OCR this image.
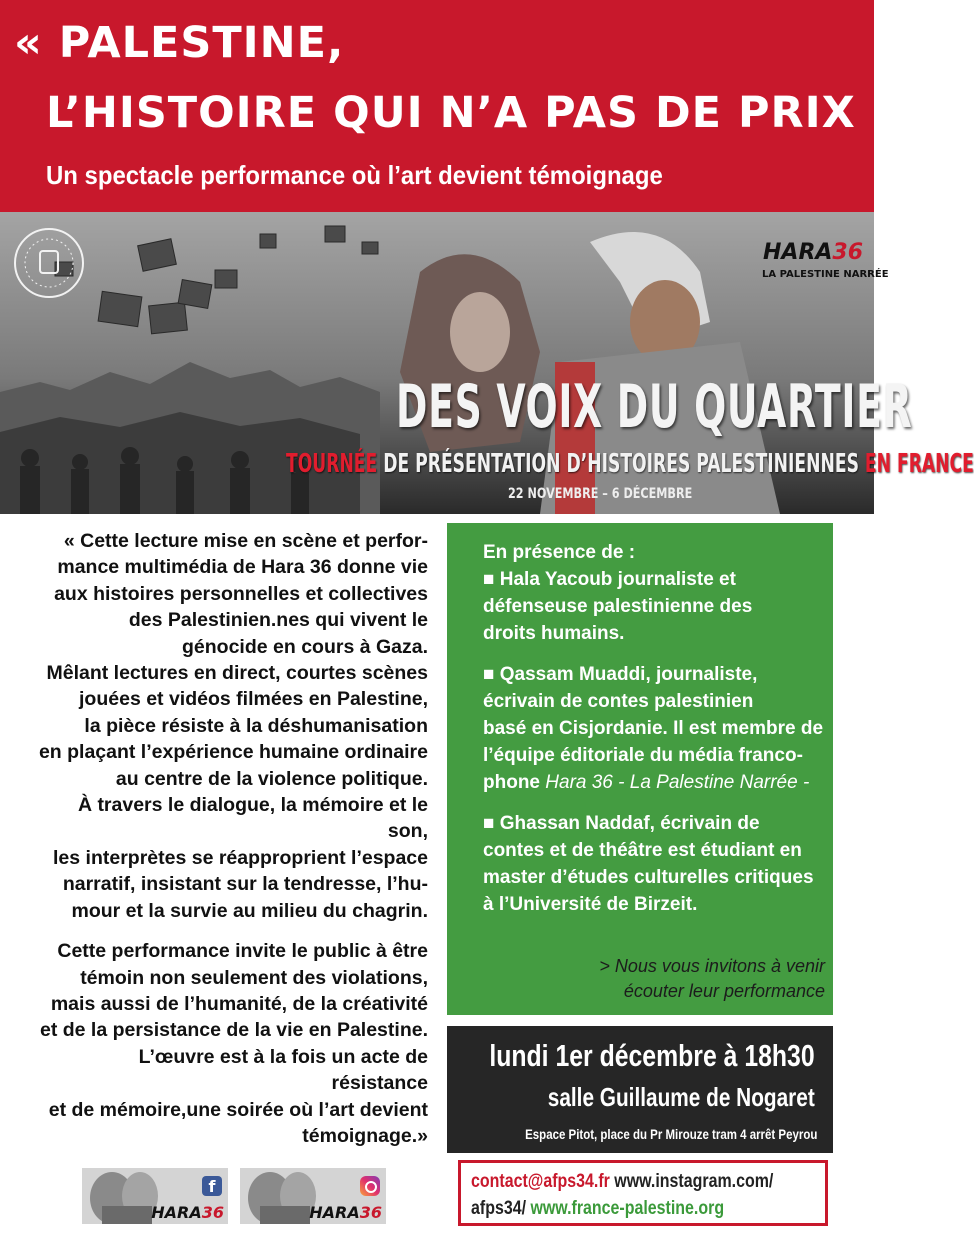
« PALESTINE,
L’HISTOIRE QUI N’A PAS DE PRIX »
Un spectacle performance où l’art devient témoignage
HARA36
LA PALESTINE NARRÉE
DES VOIX DU QUARTIER
TOURNÉE DE PRÉSENTATION D’HISTOIRES PALESTINIENNES EN FRANCE
22 NOVEMBRE – 6 DÉCEMBRE

« Cette lecture mise en scène et perfor-
mance multimédia de Hara 36 donne vie
aux histoires personnelles et collectives
des Palestinien.nes qui vivent le
génocide en cours à Gaza.
Mêlant lectures en direct, courtes scènes
jouées et vidéos filmées en Palestine,
la pièce résiste à la déshumanisation
en plaçant l’expérience humaine ordinaire
au centre de la violence politique.
À travers le dialogue, la mémoire et le son,
les interprètes se réapproprient l’espace
narratif, insistant sur la tendresse, l’hu-
mour et la survie au milieu du chagrin.

Cette performance invite le public à être
témoin non seulement des violations,
mais aussi de l’humanité, de la créativité
et de la persistance de la vie en Palestine.
L’œuvre est à la fois un acte de résistance
et de mémoire,une soirée où l’art devient
témoignage.»

En présence de :

■ Hala Yacoub journaliste et
défenseuse palestinienne des
droits humains.

■ Qassam Muaddi, journaliste,
écrivain de contes palestinien
basé en Cisjordanie. Il est membre de
l’équipe éditoriale du média franco-
phone Hara 36 - La Palestine Narrée -

■ Ghassan Naddaf, écrivain de
contes et de théâtre est étudiant en
master d’études culturelles critiques
à l’Université de Birzeit.

> Nous vous invitons à venir
écouter leur performance
lundi 1er décembre à 18h30
salle Guillaume de Nogaret
Espace Pitot, place du Pr Mirouze tram 4 arrêt Peyrou
contact@afps34.fr www.instagram.com/
afps34/ www.france-palestine.org
f
HARA36	HARA36
